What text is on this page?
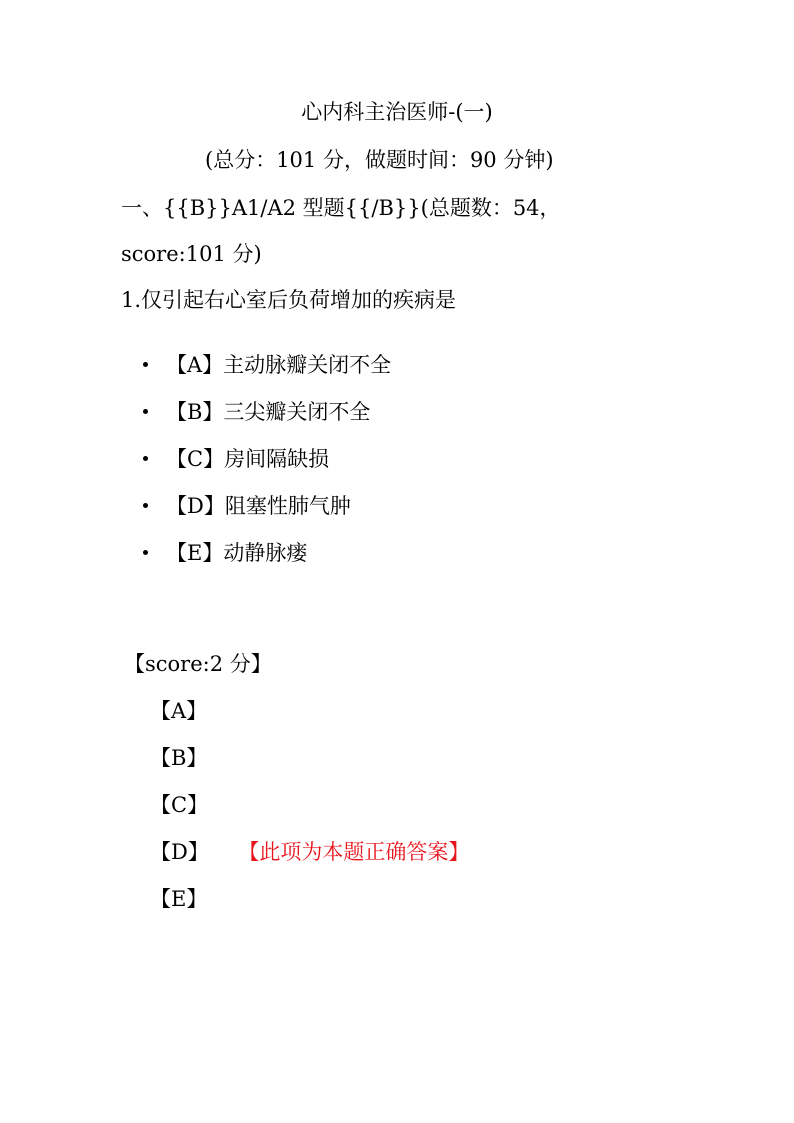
心内科主治医师-(一)
(总分：101 分，做题时间：90 分钟)
一、{{B}}A1/A2 型题{{/B}}(总题数：54，
score:101 分)
1.仅引起右心室后负荷增加的疾病是
【A】主动脉瓣关闭不全
【B】三尖瓣关闭不全
【C】房间隔缺损
【D】阻塞性肺气肿
【E】动静脉瘘
【score:2 分】
【A】
【B】
【C】
【D】 【此项为本题正确答案】
【E】
